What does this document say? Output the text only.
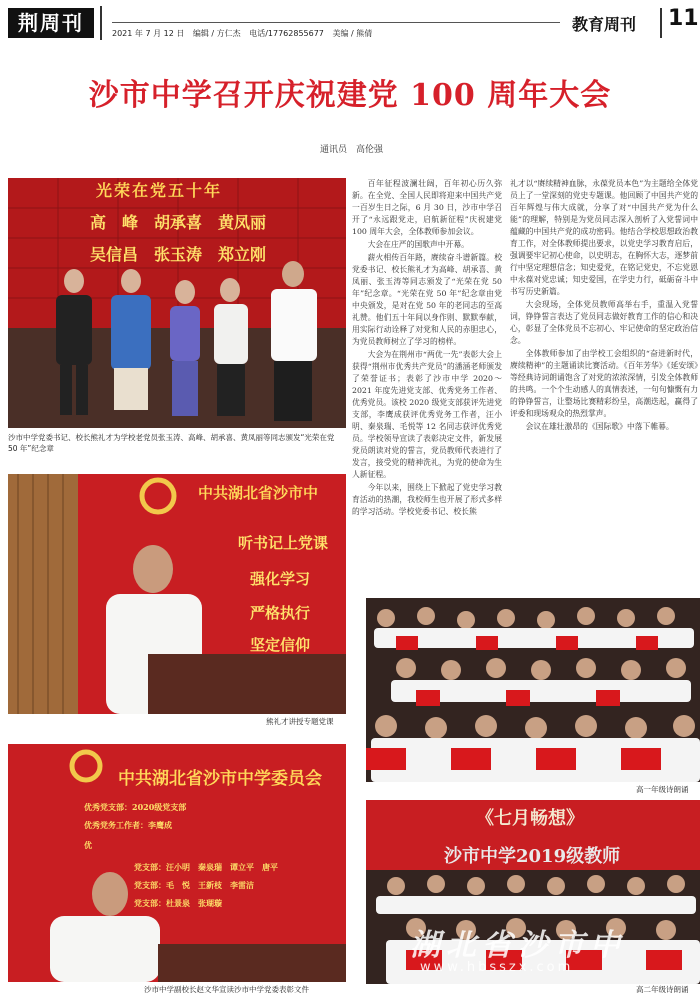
荆周刊	2021 年 7 月 12 日 编辑 / 方仁杰 电话/17762855677 美编 / 熊倩	教育周刊 11
沙市中学召开庆祝建党 100 周年大会
通讯员　高伦强
光荣在党五十年
高　峰　胡承喜　黄凤丽
吴信昌　张玉涛　郑立刚
沙市中学党委书记、校长熊礼才为学校老党员张玉涛、高峰、胡承喜、黄凤丽等同志颁发“光荣在党 50 年”纪念章
中共湖北省沙市中
听书记上党课
强化学习
严格执行
坚定信仰
熊礼才讲授专题党课
高一年级诗朗诵
中共湖北省沙市中学委员会
优秀党支部：2020级党支部
优秀党务工作者：李鹰成
优
党支部：汪小明　秦泉瑞　谭立平　唐平
党支部：毛　悦　王新枝　李雷洁
党支部：杜景泉　张瑚璇
沙市中学副校长赵文华宣读沙市中学党委表彰文件
《七月畅想》
沙市中学2019级教师
高二年级诗朗诵
湖北省沙市中
www.hbsszx.com

百年征程波澜壮阔，百年初心历久弥新。在全党、全国人民即将迎来中国共产党一百岁生日之际，6 月 30 日，沙市中学召开了“永远跟党走，启航新征程”庆祝建党 100 周年大会，全体教师参加会议。

大会在庄严的国歌声中开幕。

薪火相传百年路，赓续奋斗谱新篇。校党委书记、校长熊礼才为高峰、胡承喜、黄凤丽、张玉涛等同志颁发了“光荣在党 50 年”纪念章。“光荣在党 50 年”纪念章由党中央颁发，是对在党 50 年的老同志的至高礼赞。他们五十年间以身作则、默默奉献，用实际行动诠释了对党和人民的赤胆忠心，为党员教师树立了学习的榜样。

大会为在荆州市“两优一先”表彰大会上获得“荆州市优秀共产党员”的潘涵老师颁发了荣誉证书；表彰了沙市中学 2020～2021 年度先进党支部、优秀党务工作者、优秀党员。该校 2020 级党支部获评先进党支部，李鹰成获评优秀党务工作者，汪小明、秦泉瑞、毛悦等 12 名同志获评优秀党员。学校领导宣读了表彰决定文件，新发展党员朗读对党的誓言，党员教师代表进行了发言，接受党的精神洗礼，为党的使命为生人新征程。

今年以来，围绕上下掀起了党史学习教育活动的热潮，我校师生也开展了形式多样的学习活动。学校党委书记、校长熊

礼才以“赓续精神血脉，永葆党员本色”为主题给全体党员上了一堂深刻的党史专题课。他回顾了中国共产党的百年辉煌与伟大成就，分享了对“中国共产党为什么能”的理解，特别是为党员同志深入剖析了入党誓词中蕴藏的中国共产党的成功密码。他结合学校思想政治教育工作，对全体教师提出要求，以党史学习教育启后，强调要牢记初心使命，以史明志，在胸怀大志，逐梦前行中坚定理想信念；知史爱党，在铭记党史，不忘党恩中永葆对党忠诚；知史爱国，在学史力行，砥砺奋斗中书写历史新篇。

大会现场，全体党员教师高举右手，重温入党誓词，铮铮誓言表达了党员同志做好教育工作的信心和决心，彰显了全体党员不忘初心、牢记使命的坚定政治信念。

全体教师参加了由学校工会组织的“奋进新时代，赓续精神”的主题诵读比赛活动。《百年芳华》《延安颂》等经典诗词朗诵饱含了对党的浓浓深情，引发全体教师的共鸣。一个个生动感人的真情表述，一句句慷慨有力的铮铮誓言，让整场比赛精彩纷呈，高潮迭起，赢得了评委和现场观众的热烈掌声。

会议在雄壮激昂的《国际歌》中落下帷幕。
